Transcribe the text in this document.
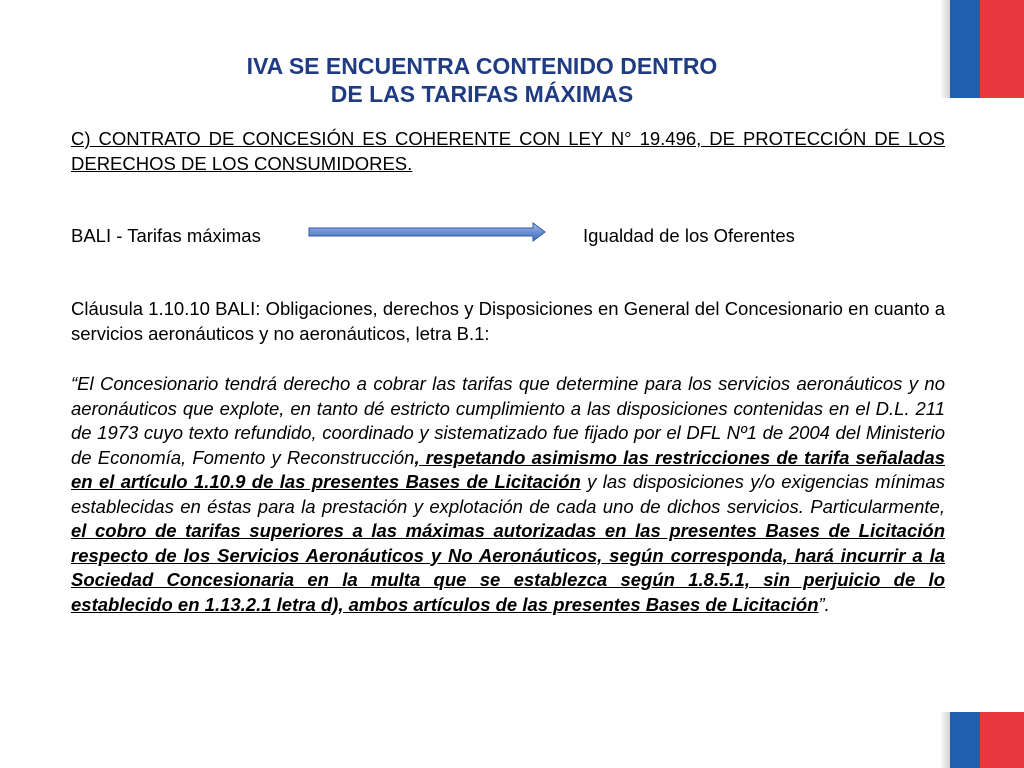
IVA SE ENCUENTRA CONTENIDO DENTRO
DE LAS TARIFAS MÁXIMAS
C) CONTRATO DE CONCESIÓN ES COHERENTE CON LEY N° 19.496, DE PROTECCIÓN DE LOS DERECHOS DE LOS CONSUMIDORES.
BALI - Tarifas máximas	Igualdad de los Oferentes
Cláusula 1.10.10 BALI: Obligaciones, derechos y Disposiciones en General del Concesionario en cuanto a servicios aeronáuticos y no aeronáuticos, letra B.1:
“El Concesionario tendrá derecho a cobrar las tarifas que determine para los servicios aeronáuticos y no aeronáuticos que explote, en tanto dé estricto cumplimiento a las disposiciones contenidas en el D.L. 211 de 1973 cuyo texto refundido, coordinado y sistematizado fue fijado por el DFL Nº1 de 2004 del Ministerio de Economía, Fomento y Reconstrucción, respetando asimismo las restricciones de tarifa señaladas en el artículo 1.10.9 de las presentes Bases de Licitación y las disposiciones y/o exigencias mínimas establecidas en éstas para la prestación y explotación de cada uno de dichos servicios. Particularmente, el cobro de tarifas superiores a las máximas autorizadas en las presentes Bases de Licitación respecto de los Servicios Aeronáuticos y No Aeronáuticos, según corresponda, hará incurrir a la Sociedad Concesionaria en la multa que se establezca según 1.8.5.1, sin perjuicio de lo establecido en 1.13.2.1 letra d), ambos artículos de las presentes Bases de Licitación”.
